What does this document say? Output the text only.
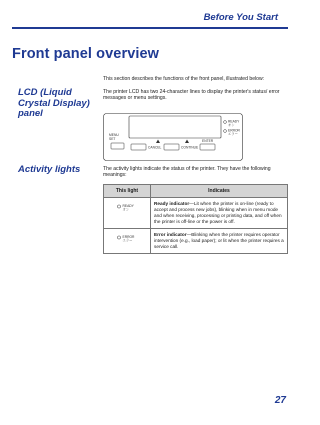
Before You Start
Front panel overview
This section describes the functions of the front panel, illustrated below:
LCD (Liquid Crystal Display) panel
The printer LCD has two 24-character lines to display the printer's status/ error messages or menu settings.
READY
オン
ERROR
エラー
MENU
SET
CANCEL	CONTINUE
ENTER
Activity lights	The activity lights indicate the status of the printer. They have the following meanings:
This light	Indicates

READY
オン	Ready indicator—Lit when the printer is on-line (ready to accept and process new jobs), blinking when in menu mode and when receiving, processing or printing data, and off when the printer is off-line or the power is off.

ERROR
エラー	Error indicator—Blinking when the printer requires operator intervention (e.g., load paper); or lit when the printer requires a service call.
27
